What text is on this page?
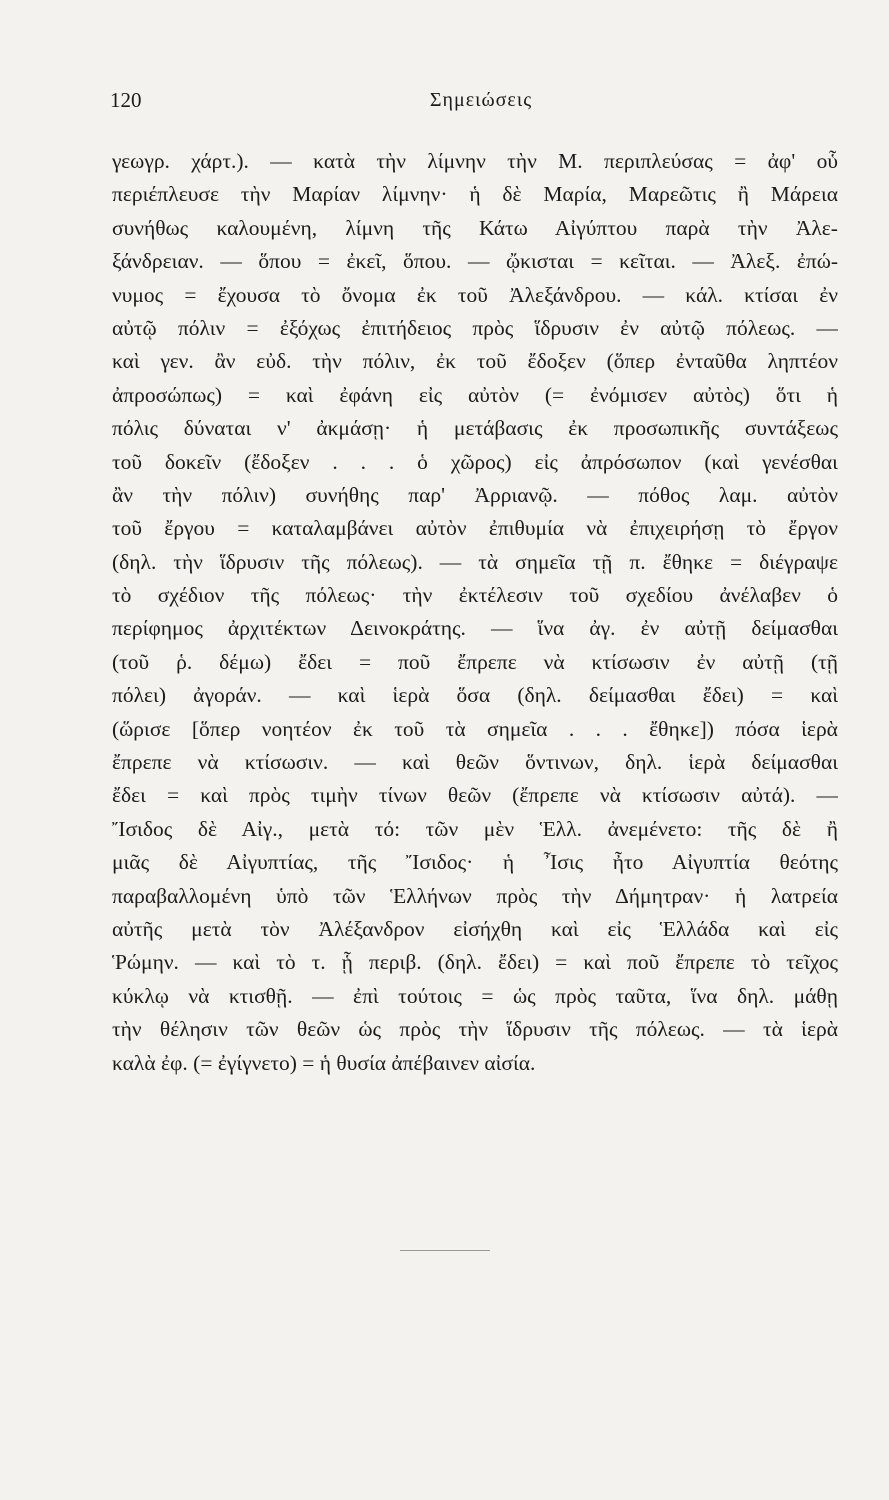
120	Σημειώσεις
γεωγρ. χάρτ.). — κατὰ τὴν λίμνην τὴν Μ. περιπλεύσας = ἀφ' οὗ
περιέπλευσε τὴν Μαρίαν λίμνην· ἡ δὲ Μαρία, Μαρεῶτις ἢ Μάρεια
συνήθως καλουμένη, λίμνη τῆς Κάτω Αἰγύπτου παρὰ τὴν Ἀλε-
ξάνδρειαν. — ὅπου = ἐκεῖ, ὅπου. — ᾤκισται = κεῖται. — Ἀλεξ. ἐπώ-
νυμος = ἔχουσα τὸ ὄνομα ἐκ τοῦ Ἀλεξάνδρου. — κάλ. κτίσαι ἐν
αὐτῷ πόλιν = ἐξόχως ἐπιτήδειος πρὸς ἵδρυσιν ἐν αὐτῷ πόλεως. —
καὶ γεν. ἂν εὐδ. τὴν πόλιν, ἐκ τοῦ ἔδοξεν (ὅπερ ἐνταῦθα ληπτέον
ἀπροσώπως) = καὶ ἐφάνη εἰς αὐτὸν (= ἐνόμισεν αὐτὸς) ὅτι ἡ
πόλις δύναται ν' ἀκμάσῃ· ἡ μετάβασις ἐκ προσωπικῆς συντάξεως
τοῦ δοκεῖν (ἔδοξεν . . . ὁ χῶρος) εἰς ἀπρόσωπον (καὶ γενέσθαι
ἂν τὴν πόλιν) συνήθης παρ' Ἀρριανῷ. — πόθος λαμ. αὐτὸν
τοῦ ἔργου = καταλαμβάνει αὐτὸν ἐπιθυμία νὰ ἐπιχειρήσῃ τὸ ἔργον
(δηλ. τὴν ἵδρυσιν τῆς πόλεως). — τὰ σημεῖα τῇ π. ἔθηκε = διέγραψε
τὸ σχέδιον τῆς πόλεως· τὴν ἐκτέλεσιν τοῦ σχεδίου ἀνέλαβεν ὁ
περίφημος ἀρχιτέκτων Δεινοκράτης. — ἵνα ἀγ. ἐν αὐτῇ δείμασθαι
(τοῦ ῥ. δέμω) ἔδει = ποῦ ἔπρεπε νὰ κτίσωσιν ἐν αὐτῇ (τῇ
πόλει) ἀγοράν. — καὶ ἱερὰ ὅσα (δηλ. δείμασθαι ἔδει) = καὶ
(ὥρισε [ὅπερ νοητέον ἐκ τοῦ τὰ σημεῖα . . . ἔθηκε]) πόσα ἱερὰ
ἔπρεπε νὰ κτίσωσιν. — καὶ θεῶν ὅντινων, δηλ. ἱερὰ δείμασθαι
ἔδει = καὶ πρὸς τιμὴν τίνων θεῶν (ἔπρεπε νὰ κτίσωσιν αὐτά). —
Ἴσιδος δὲ Αἰγ., μετὰ τό: τῶν μὲν Ἑλλ. ἀνεμένετο: τῆς δὲ ἢ
μιᾶς δὲ Αἰγυπτίας, τῆς Ἴσιδος· ἡ Ἶσις ἦτο Αἰγυπτία θεότης
παραβαλλομένη ὑπὸ τῶν Ἑλλήνων πρὸς τὴν Δήμητραν· ἡ λατρεία
αὐτῆς μετὰ τὸν Ἀλέξανδρον εἰσήχθη καὶ εἰς Ἑλλάδα καὶ εἰς
Ῥώμην. — καὶ τὸ τ. ᾗ περιβ. (δηλ. ἔδει) = καὶ ποῦ ἔπρεπε τὸ τεῖχος
κύκλῳ νὰ κτισθῇ. — ἐπὶ τούτοις = ὡς πρὸς ταῦτα, ἵνα δηλ. μάθῃ
τὴν θέλησιν τῶν θεῶν ὡς πρὸς τὴν ἵδρυσιν τῆς πόλεως. — τὰ ἱερὰ
καλὰ ἐφ. (= ἐγίγνετο) = ἡ θυσία ἀπέβαινεν αἰσία.
